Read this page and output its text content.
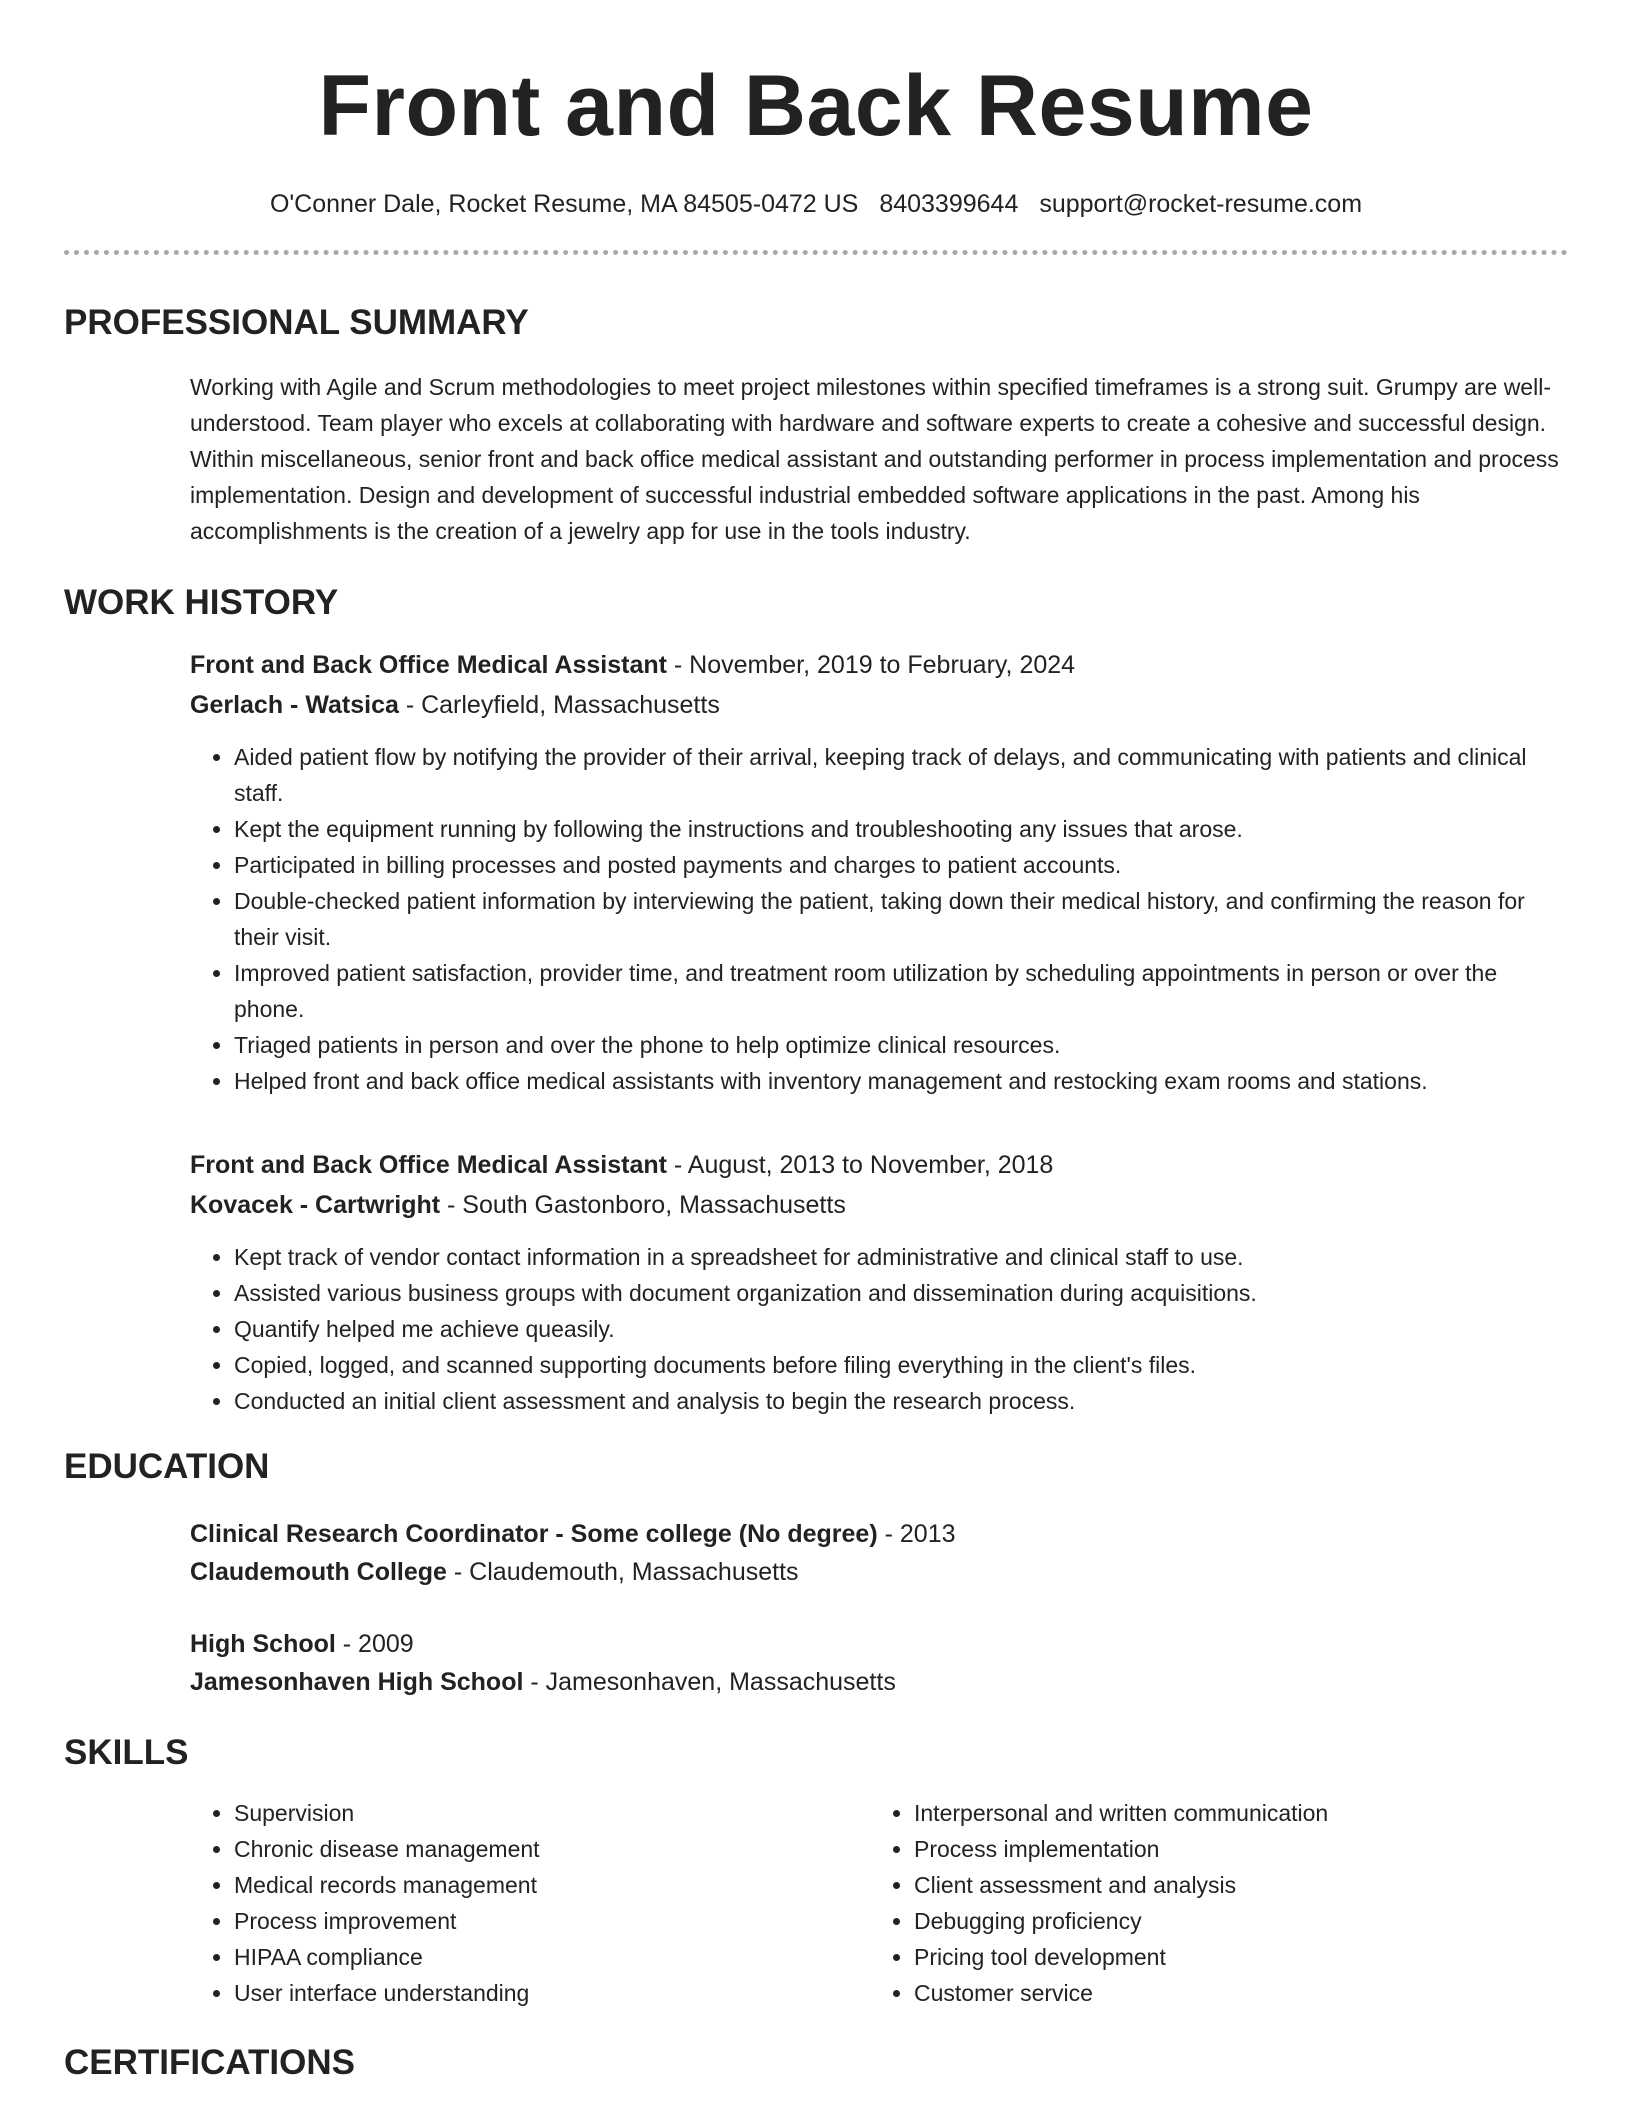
Front and Back Resume
O'Conner Dale, Rocket Resume, MA 84505-0472 US 8403399644 support@rocket-resume.com
PROFESSIONAL SUMMARY
Working with Agile and Scrum methodologies to meet project milestones within specified timeframes is a strong suit. Grumpy are well-understood. Team player who excels at collaborating with hardware and software experts to create a cohesive and successful design. Within miscellaneous, senior front and back office medical assistant and outstanding performer in process implementation and process implementation. Design and development of successful industrial embedded software applications in the past. Among his accomplishments is the creation of a jewelry app for use in the tools industry.
WORK HISTORY
Front and Back Office Medical Assistant - November, 2019 to February, 2024
Gerlach - Watsica - Carleyfield, Massachusetts
• Aided patient flow by notifying the provider of their arrival, keeping track of delays, and communicating with patients and clinical staff.
• Kept the equipment running by following the instructions and troubleshooting any issues that arose.
• Participated in billing processes and posted payments and charges to patient accounts.
• Double-checked patient information by interviewing the patient, taking down their medical history, and confirming the reason for their visit.
• Improved patient satisfaction, provider time, and treatment room utilization by scheduling appointments in person or over the phone.
• Triaged patients in person and over the phone to help optimize clinical resources.
• Helped front and back office medical assistants with inventory management and restocking exam rooms and stations.
Front and Back Office Medical Assistant - August, 2013 to November, 2018
Kovacek - Cartwright - South Gastonboro, Massachusetts
• Kept track of vendor contact information in a spreadsheet for administrative and clinical staff to use.
• Assisted various business groups with document organization and dissemination during acquisitions.
• Quantify helped me achieve queasily.
• Copied, logged, and scanned supporting documents before filing everything in the client's files.
• Conducted an initial client assessment and analysis to begin the research process.
EDUCATION
Clinical Research Coordinator - Some college (No degree) - 2013
Claudemouth College - Claudemouth, Massachusetts
High School - 2009
Jamesonhaven High School - Jamesonhaven, Massachusetts
SKILLS
• Supervision
• Chronic disease management
• Medical records management
• Process improvement
• HIPAA compliance
• User interface understanding
• Interpersonal and written communication
• Process implementation
• Client assessment and analysis
• Debugging proficiency
• Pricing tool development
• Customer service
CERTIFICATIONS
